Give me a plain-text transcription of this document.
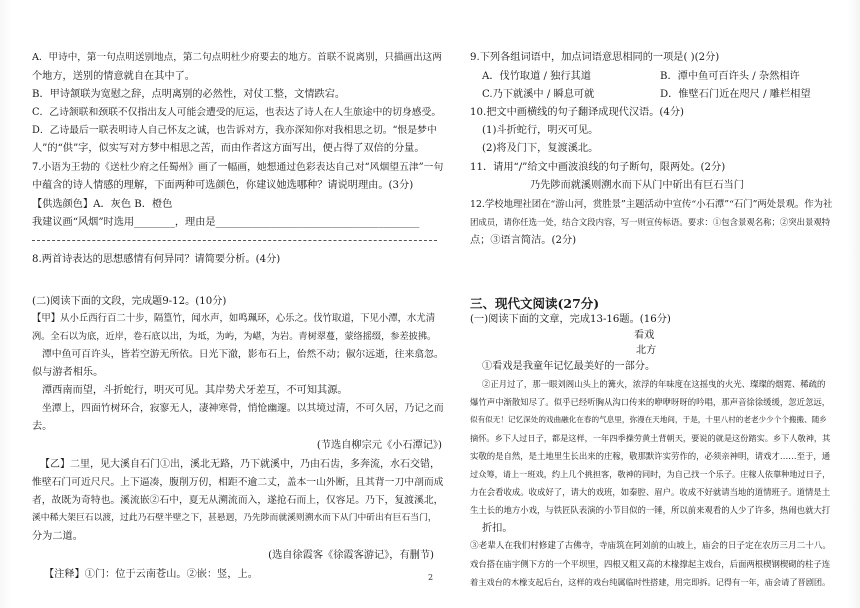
A．甲诗中，第一句点明送别地点，第二句点明杜少府要去的地方。首联不说离别，只描画出这两
个地方，送别的情意就自在其中了。
B．甲诗颔联为宽慰之辞，点明离别的必然性，对仗工整，文情跌宕。
C．乙诗颔联和颈联不仅指出友人可能会遭受的厄运，也表达了诗人在人生旅途中的切身感受。
D．乙诗最后一联表明诗人自己怀友之诚，也告诉对方，我亦深知你对我相思之切。“恨是梦中
人”的“供”字，似实写对方梦中相思之苦，而由作者这方面写出，便占得了双倍的分量。
7.小语为王勃的《送杜少府之任蜀州》画了一幅画，她想通过色彩表达自己对“风烟望五津”一句
中蕴含的诗人情感的理解，下面两种可选颜色，你建议她选哪种？请说明理由。(3分)
【供选颜色】A．灰色 B．橙色
我建议画“风烟”时选用________，理由是________________________________________
8.两首诗表达的思想感情有何异同？请简要分析。(4分)
(二)阅读下面的文段，完成题9-12。(10分)
【甲】从小丘西行百二十步，隔篁竹，闻水声，如鸣珮环，心乐之。伐竹取道，下见小潭，水尤清
冽。全石以为底，近岸，卷石底以出，为坻，为屿，为嵁，为岩。青树翠蔓，蒙络摇缀，参差披拂。
潭中鱼可百许头，皆若空游无所依。日光下澈，影布石上，佁然不动；俶尔远逝，往来翕忽。
似与游者相乐。
潭西南而望，斗折蛇行，明灭可见。其岸势犬牙差互，不可知其源。
坐潭上，四面竹树环合，寂寥无人，凄神寒骨，悄怆幽邃。以其境过清，不可久居，乃记之而
去。
(节选自柳宗元《小石潭记》)
【乙】二里，见大溪自石门①出，溪北无路，乃下就溪中，乃由石齿，多奔流，水石交错，
惟壁石门可近尺尺。上下逼凑，腹削万仞，相距不逾二丈，盖本一山外断，且其背一刀中剖而成
者，故既为奇特也。溪流嵌②石中，夏无从溯流而入，遂抢石而上，仅容足。乃下，复渡溪北，
溪中稀大架巨石以渡，过此乃石壁半壁之下，甚悬迥，乃先陟而就溪则溯水而下从门中斫出有巨石当门，
分为二道。
(选自徐霞客《徐霞客游记》，有删节)
【注释】①门：位于云南苍山。②嵌：竖，上。
9.下列各组词语中，加点词语意思相同的一项是( )(2分)
A．伐竹取道 / 独行其道	B．潭中鱼可百许头 / 杂然相许
C.乃下就溪中 / 瞬息可就	D．惟壁石门近在咫尺 / 雕栏相望
10.把文中画横线的句子翻译成现代汉语。(4分)
(1)斗折蛇行，明灭可见。
(2)将及门下，复渡溪北。
11．请用“/”给文中画波浪线的句子断句，限两处。(2分)
乃先陟而就溪则溯水而下从门中斫出有巨石当门
12.学校地理社团在“游山河，赏胜景”主题活动中宣传“小石潭”“石门”两处景观。作为社
团成员，请你任选一处，结合文段内容，写一则宣传标语。要求：①包含景观名称；②突出景观特
点；③语言简洁。(2分)
三、现代文阅读(27分)
(一)阅读下面的文章，完成13-16题。(16分)
看戏
北方
①看戏是我童年记忆最美好的一部分。
②正月过了，那一眼刘阁山头上的篝火，浓浮的年味度在这摇曳的火光、璨璨的烟霓、稀疏的
爆竹声中渐散知尽了。似乎已经听胸从沟口传来的咿咿呀呀的吟唱，那声音徐徐缓缓，忽近忽远，
似有似无！记忆深处的戏曲融化在春的气息里，弥漫在天地间，于是，十里八村的老老少少个个搬搬、随乡
摘怀。乡下人过日子，都是这样，一年四季操劳黄土背朝天，要说的就是这份踏实。乡下人敬神，其
实敬的是自然，是土地里生长出来的庄稼，敬那默许实劳作的，必须亲神明，请戏才……至于，通
过众筹，请上一班戏，约上几个挑担客，敬神的同时，为自己找一个乐子。庄稼人依靠种地过日子，
力在会看收成。收成好了，请大的戏班，如秦腔、眉户。收成不好就请当地的道情班子。道情是土
生土长的地方小戏，与铁匠队表演的小节目似的一锤，所以前来观看的人少了许多，热闹也就大打
折扣。
③老辈人在我们村修建了古佛寺，寺庙筑在阿刘前的山坡上，庙会的日子定在农历三月二十八。
戏台搭在庙宇侧下方的一个平坝里，四根又粗又高的木椽撑起主戏台，后面两根楔钢楔砌的柱子连
着主戏台的木橡支起后台，这样的戏台纯属临时性搭建，用完即拆。记得有一年，庙会请了晋剧团。
2
